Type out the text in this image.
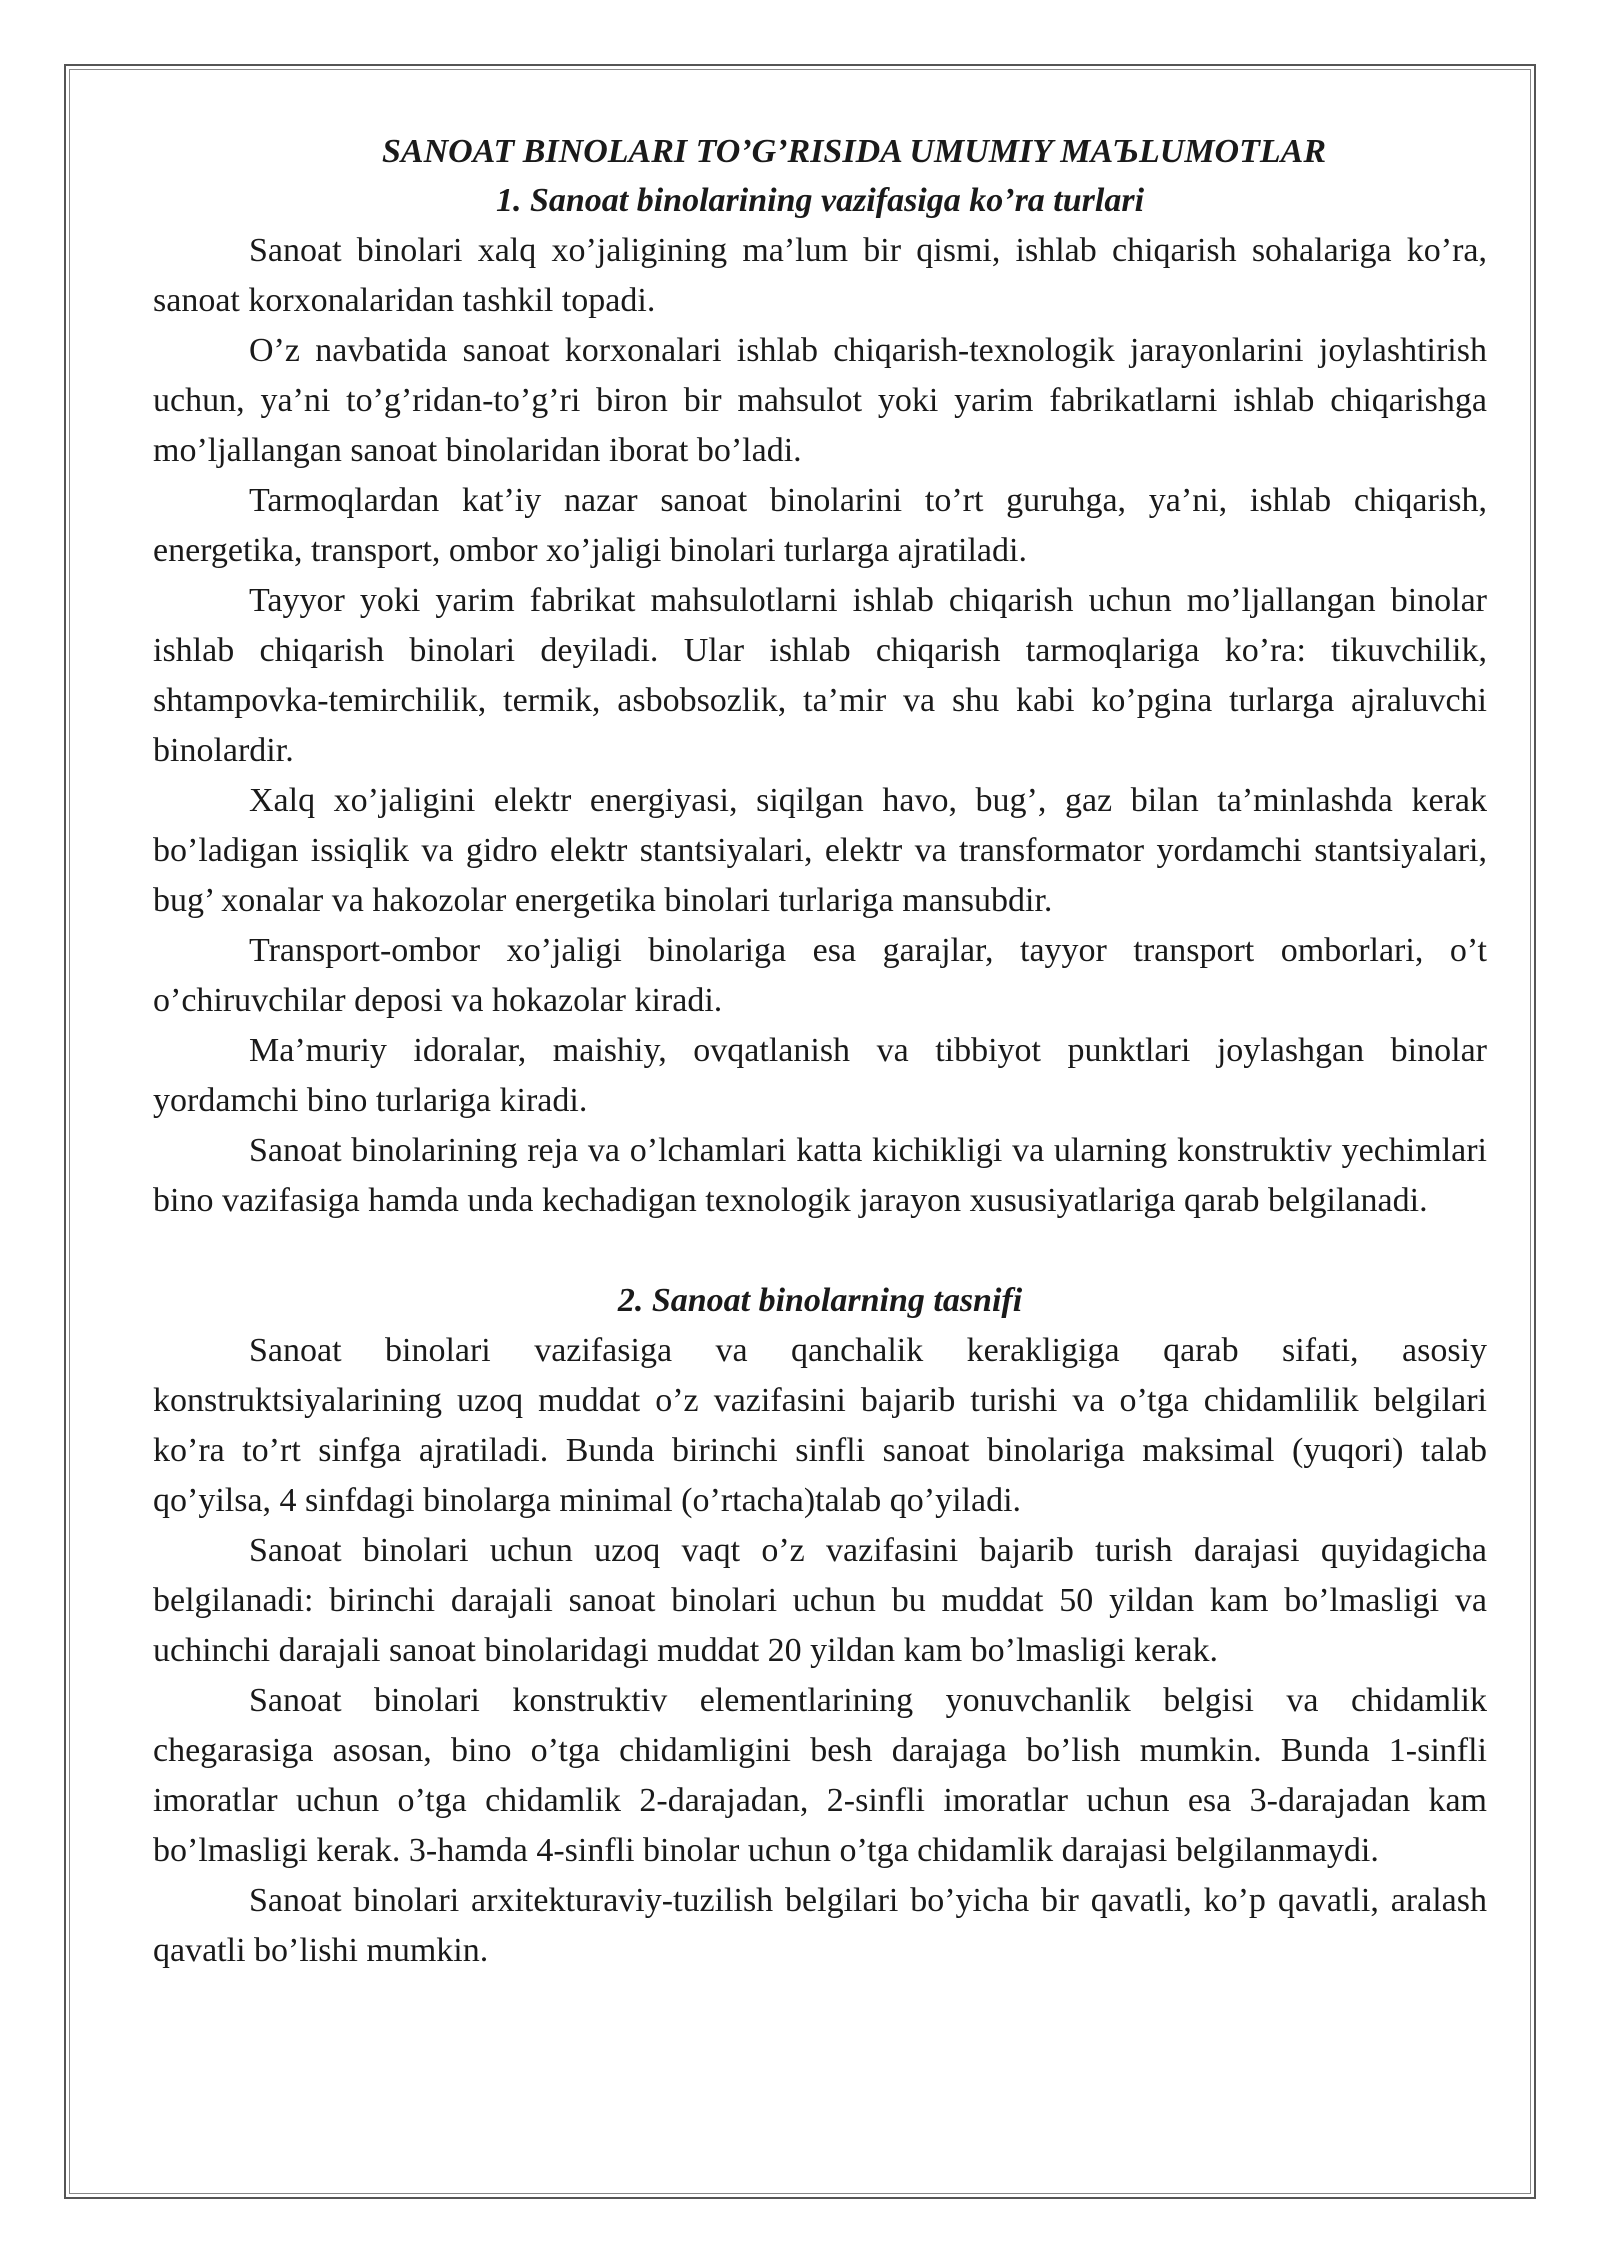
SANOAT BINOLARI TO’G’RISIDA UMUMIY MAЪLUMOTLAR
1. Sanoat binolarining vazifasiga ko’ra turlari

Sanoat binolari xalq xo’jaligining ma’lum bir qismi, ishlab chiqarish sohalariga ko’ra, sanoat korxonalaridan tashkil topadi.

O’z navbatida sanoat korxonalari ishlab chiqarish-texnologik jarayonlarini joylashtirish uchun, ya’ni to’g’ridan-to’g’ri biron bir mahsulot yoki yarim fabrikatlarni ishlab chiqarishga mo’ljallangan sanoat binolaridan iborat bo’ladi.

Tarmoqlardan kat’iy nazar sanoat binolarini to’rt guruhga, ya’ni, ishlab chiqarish, energetika, transport, ombor xo’jaligi binolari turlarga ajratiladi.

Tayyor yoki yarim fabrikat mahsulotlarni ishlab chiqarish uchun mo’ljallangan binolar ishlab chiqarish binolari deyiladi. Ular ishlab chiqarish tarmoqlariga ko’ra: tikuvchilik, shtampovka-temirchilik, termik, asbobsozlik, ta’mir va shu kabi ko’pgina turlarga ajraluvchi binolardir.

Xalq xo’jaligini elektr energiyasi, siqilgan havo, bug’, gaz bilan ta’minlashda kerak bo’ladigan issiqlik va gidro elektr stantsiyalari, elektr va transformator yordamchi stantsiyalari, bug’ xonalar va hakozolar energetika binolari turlariga mansubdir.

Transport-ombor xo’jaligi binolariga esa garajlar, tayyor transport omborlari, o’t o’chiruvchilar deposi va hokazolar kiradi.

Ma’muriy idoralar, maishiy, ovqatlanish va tibbiyot punktlari joylashgan binolar yordamchi bino turlariga kiradi.

Sanoat binolarining reja va o’lchamlari katta kichikligi va ularning konstruktiv yechimlari bino vazifasiga hamda unda kechadigan texnologik jarayon xususiyatlariga qarab belgilanadi.

2. Sanoat binolarning tasnifi

Sanoat binolari vazifasiga va qanchalik kerakligiga qarab sifati, asosiy konstruktsiyalarining uzoq muddat o’z vazifasini bajarib turishi va o’tga chidamlilik belgilari ko’ra to’rt sinfga ajratiladi. Bunda birinchi sinfli sanoat binolariga maksimal (yuqori) talab qo’yilsa, 4 sinfdagi binolarga minimal (o’rtacha)talab qo’yiladi.

Sanoat binolari uchun uzoq vaqt o’z vazifasini bajarib turish darajasi quyidagicha belgilanadi: birinchi darajali sanoat binolari uchun bu muddat 50 yildan kam bo’lmasligi va uchinchi darajali sanoat binolaridagi muddat 20 yildan kam bo’lmasligi kerak.

Sanoat binolari konstruktiv elementlarining yonuvchanlik belgisi va chidamlik chegarasiga asosan, bino o’tga chidamligini besh darajaga bo’lish mumkin. Bunda 1-sinfli imoratlar uchun o’tga chidamlik 2-darajadan, 2-sinfli imoratlar uchun esa 3-darajadan kam bo’lmasligi kerak. 3-hamda 4-sinfli binolar uchun o’tga chidamlik darajasi belgilanmaydi.

Sanoat binolari arxitekturaviy-tuzilish belgilari bo’yicha bir qavatli, ko’p qavatli, aralash qavatli bo’lishi mumkin.
